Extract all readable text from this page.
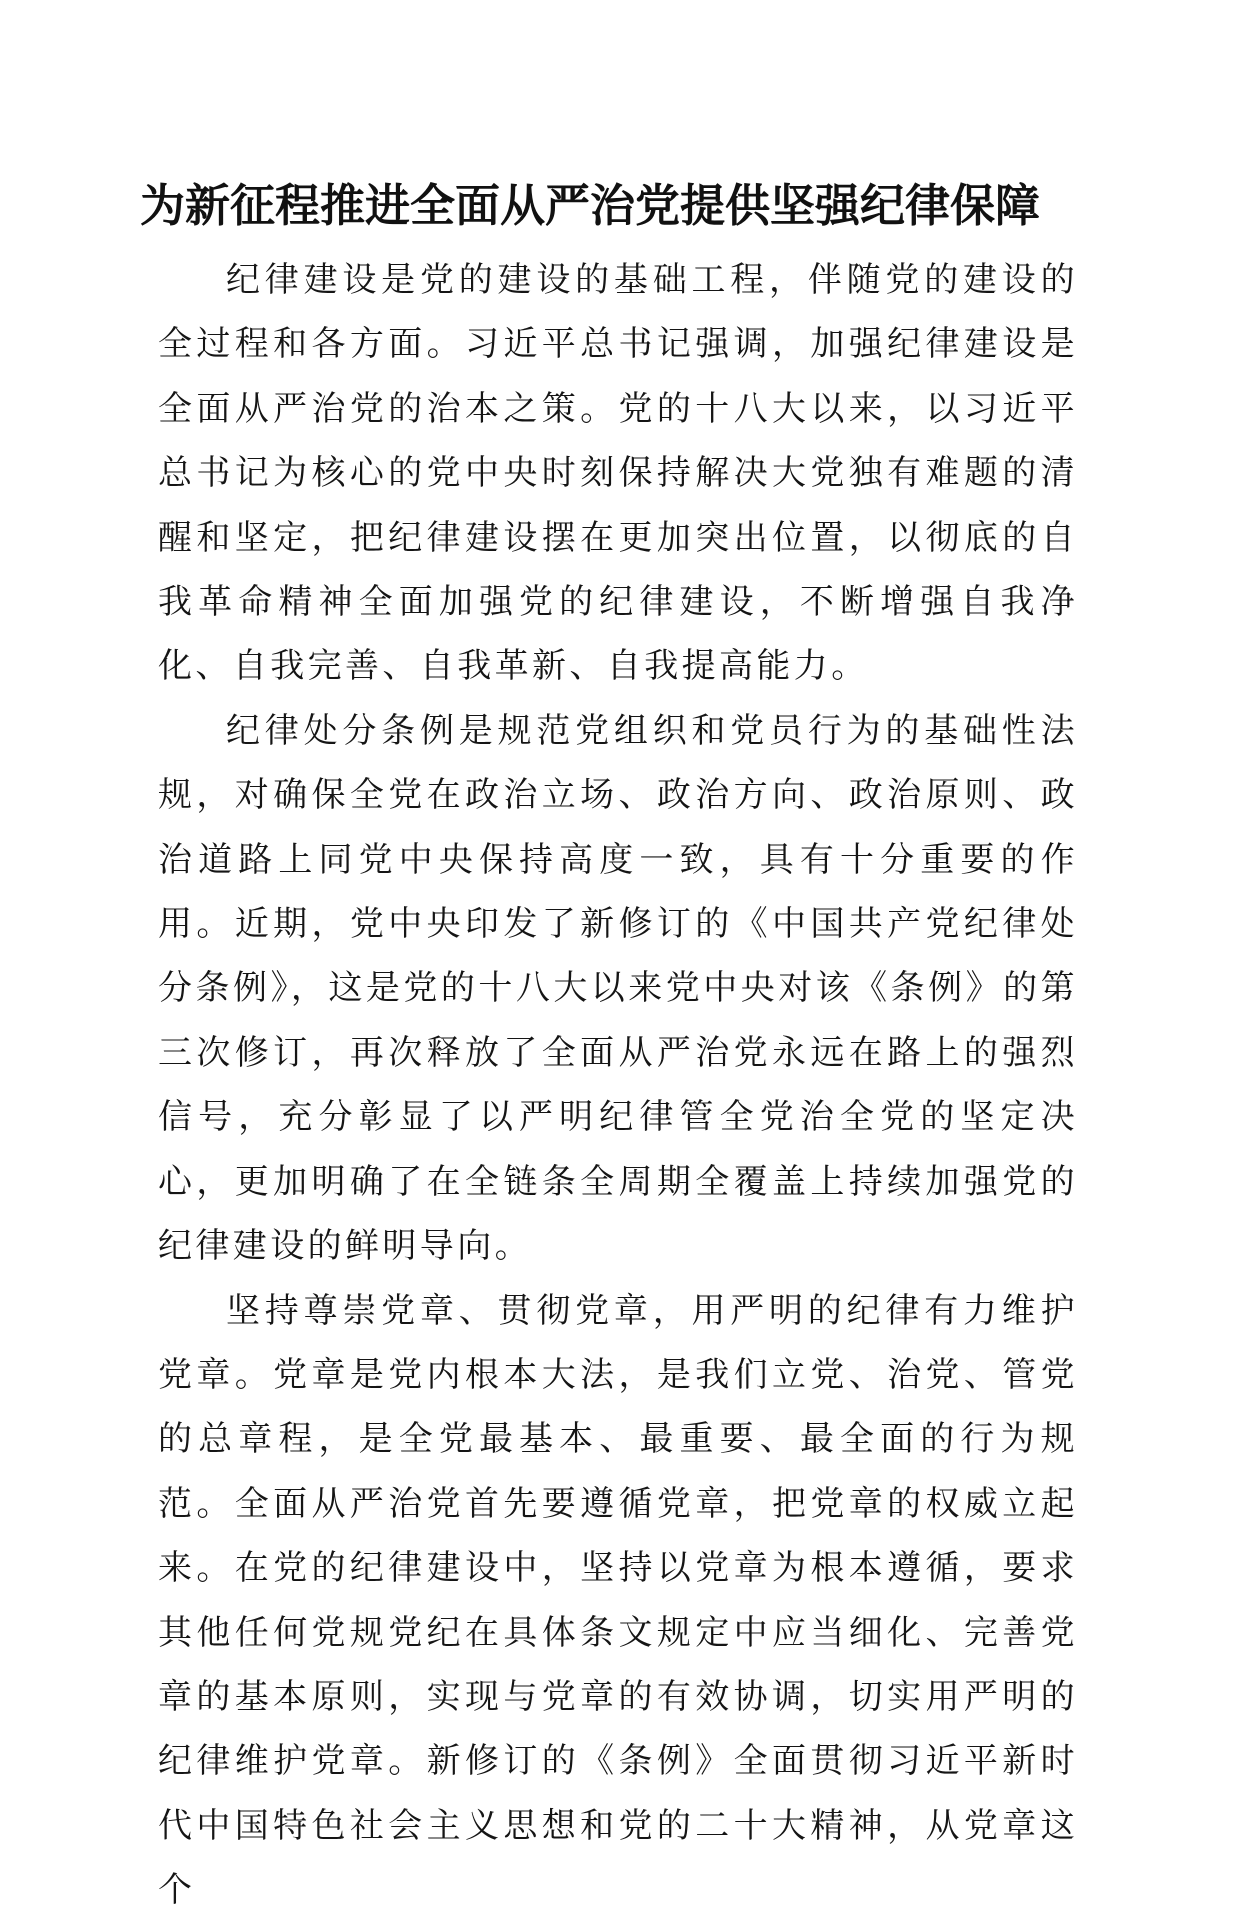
为新征程推进全面从严治党提供坚强纪律保障

纪律建设是党的建设的基础工程，伴随党的建设的全过程和各方面。习近平总书记强调，加强纪律建设是全面从严治党的治本之策。党的十八大以来，以习近平总书记为核心的党中央时刻保持解决大党独有难题的清醒和坚定，把纪律建设摆在更加突出位置，以彻底的自我革命精神全面加强党的纪律建设，不断增强自我净化、自我完善、自我革新、自我提高能力。

纪律处分条例是规范党组织和党员行为的基础性法规，对确保全党在政治立场、政治方向、政治原则、政治道路上同党中央保持高度一致，具有十分重要的作用。近期，党中央印发了新修订的《中国共产党纪律处分条例》，这是党的十八大以来党中央对该《条例》的第三次修订，再次释放了全面从严治党永远在路上的强烈信号，充分彰显了以严明纪律管全党治全党的坚定决心，更加明确了在全链条全周期全覆盖上持续加强党的纪律建设的鲜明导向。

坚持尊崇党章、贯彻党章，用严明的纪律有力维护党章。党章是党内根本大法，是我们立党、治党、管党的总章程，是全党最基本、最重要、最全面的行为规范。全面从严治党首先要遵循党章，把党章的权威立起来。在党的纪律建设中，坚持以党章为根本遵循，要求其他任何党规党纪在具体条文规定中应当细化、完善党章的基本原则，实现与党章的有效协调，切实用严明的纪律维护党章。新修订的《条例》全面贯彻习近平新时代中国特色社会主义思想和党的二十大精神，从党章这个
